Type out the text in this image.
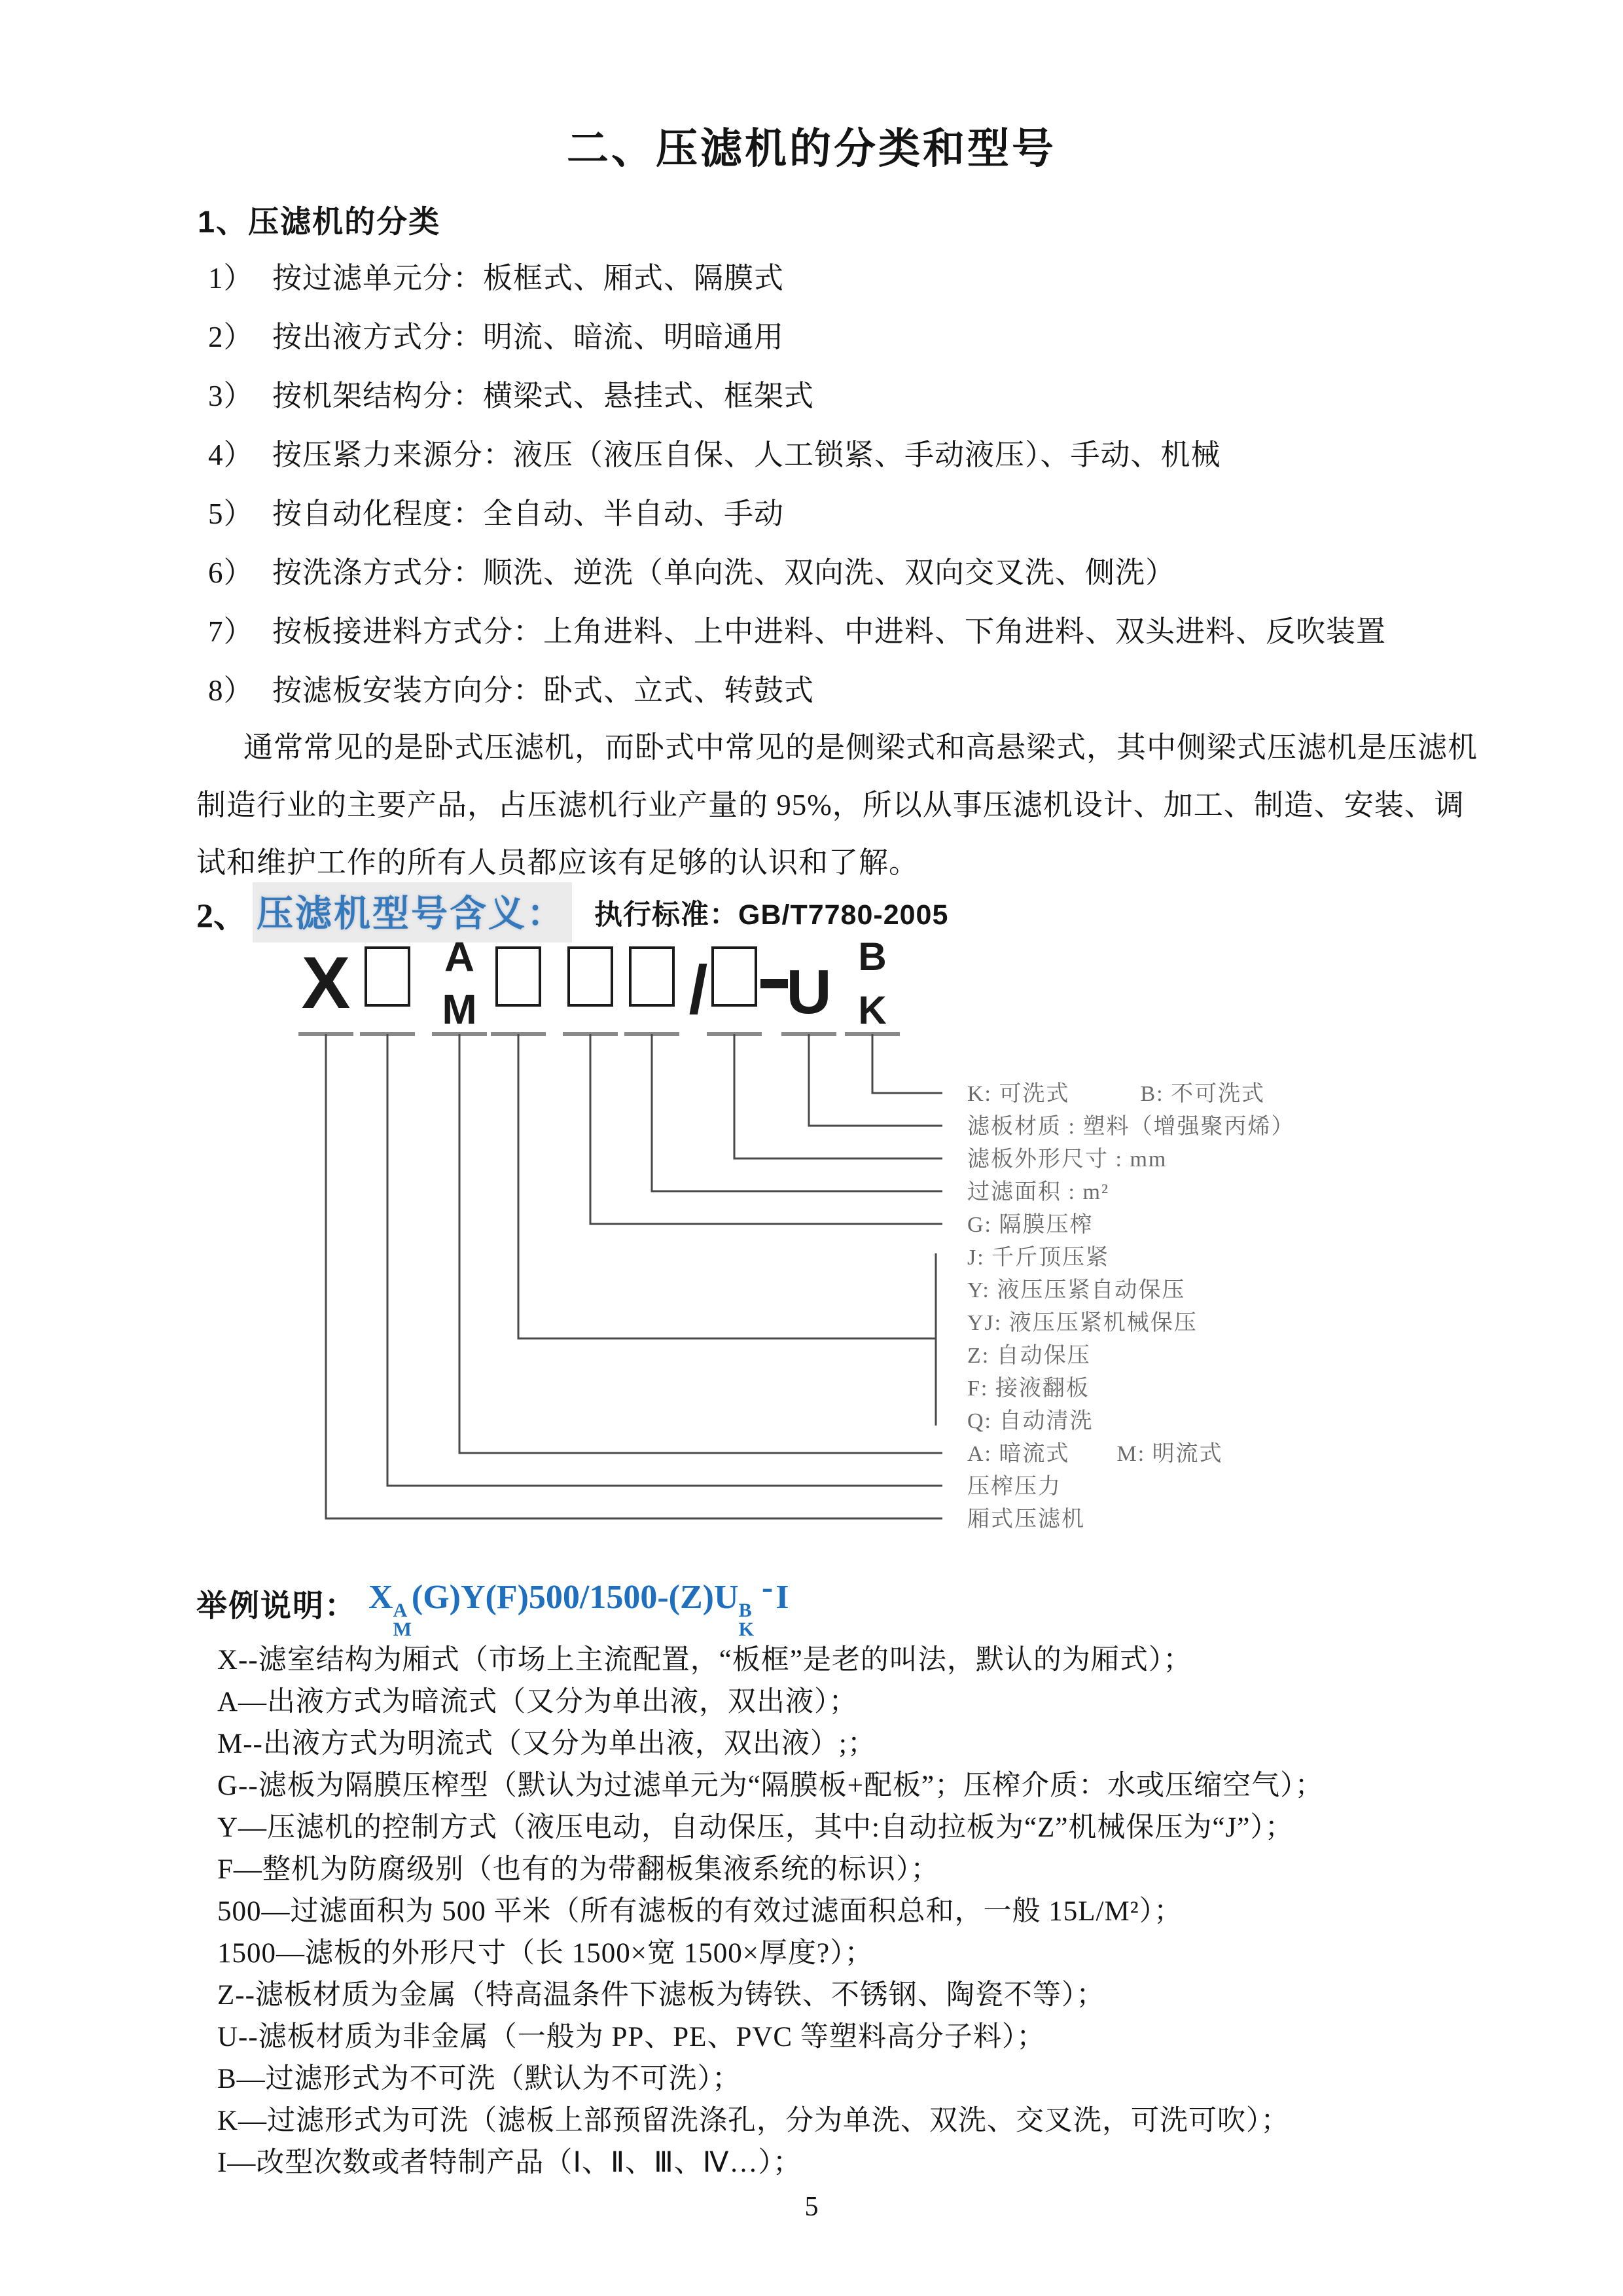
二、压滤机的分类和型号
1、压滤机的分类
1） 按过滤单元分：板框式、厢式、隔膜式
2） 按出液方式分：明流、暗流、明暗通用
3） 按机架结构分：横梁式、悬挂式、框架式
4） 按压紧力来源分：液压（液压自保、人工锁紧、手动液压）、手动、机械
5） 按自动化程度：全自动、半自动、手动
6） 按洗涤方式分：顺洗、逆洗（单向洗、双向洗、双向交叉洗、侧洗）
7） 按板接进料方式分：上角进料、上中进料、中进料、下角进料、双头进料、反吹装置
8） 按滤板安装方向分：卧式、立式、转鼓式
通常常见的是卧式压滤机，而卧式中常见的是侧梁式和高悬梁式，其中侧梁式压滤机是压滤机
制造行业的主要产品，占压滤机行业产量的 95%，所以从事压滤机设计、加工、制造、安装、调
试和维护工作的所有人员都应该有足够的认识和了解。
2、 压滤机型号含义： 执行标准：GB/T7780-2005
X A
M	/ U
B
K
K: 可洗式　　　B: 不可洗式
滤板材质 : 塑料（增强聚丙烯）
滤板外形尺寸 : mm
过滤面积 : m²
G: 隔膜压榨
J: 千斤顶压紧
Y: 液压压紧自动保压
YJ: 液压压紧机械保压
Z: 自动保压
F: 接液翻板
Q: 自动清洗
A: 暗流式　　M: 明流式
压榨压力
厢式压滤机
举例说明： X A
M
(G)Y(F)500/1500-(Z)U B
K
-I
X--滤室结构为厢式（市场上主流配置，“板框”是老的叫法，默认的为厢式）；
A—出液方式为暗流式（又分为单出液，双出液）；
M--出液方式为明流式（又分为单出液，双出液）;；
G--滤板为隔膜压榨型（默认为过滤单元为“隔膜板+配板”；压榨介质：水或压缩空气）；
Y—压滤机的控制方式（液压电动，自动保压，其中:自动拉板为“Z”机械保压为“J”）；
F—整机为防腐级别（也有的为带翻板集液系统的标识）；
500—过滤面积为 500 平米（所有滤板的有效过滤面积总和，一般 15L/M²）；
1500—滤板的外形尺寸（长 1500×宽 1500×厚度?）；
Z--滤板材质为金属（特高温条件下滤板为铸铁、不锈钢、陶瓷不等）；
U--滤板材质为非金属（一般为 PP、PE、PVC 等塑料高分子料）；
B—过滤形式为不可洗（默认为不可洗）；
K—过滤形式为可洗（滤板上部预留洗涤孔，分为单洗、双洗、交叉洗，可洗可吹）；
I—改型次数或者特制产品（Ⅰ、Ⅱ、Ⅲ、Ⅳ…）；
5
